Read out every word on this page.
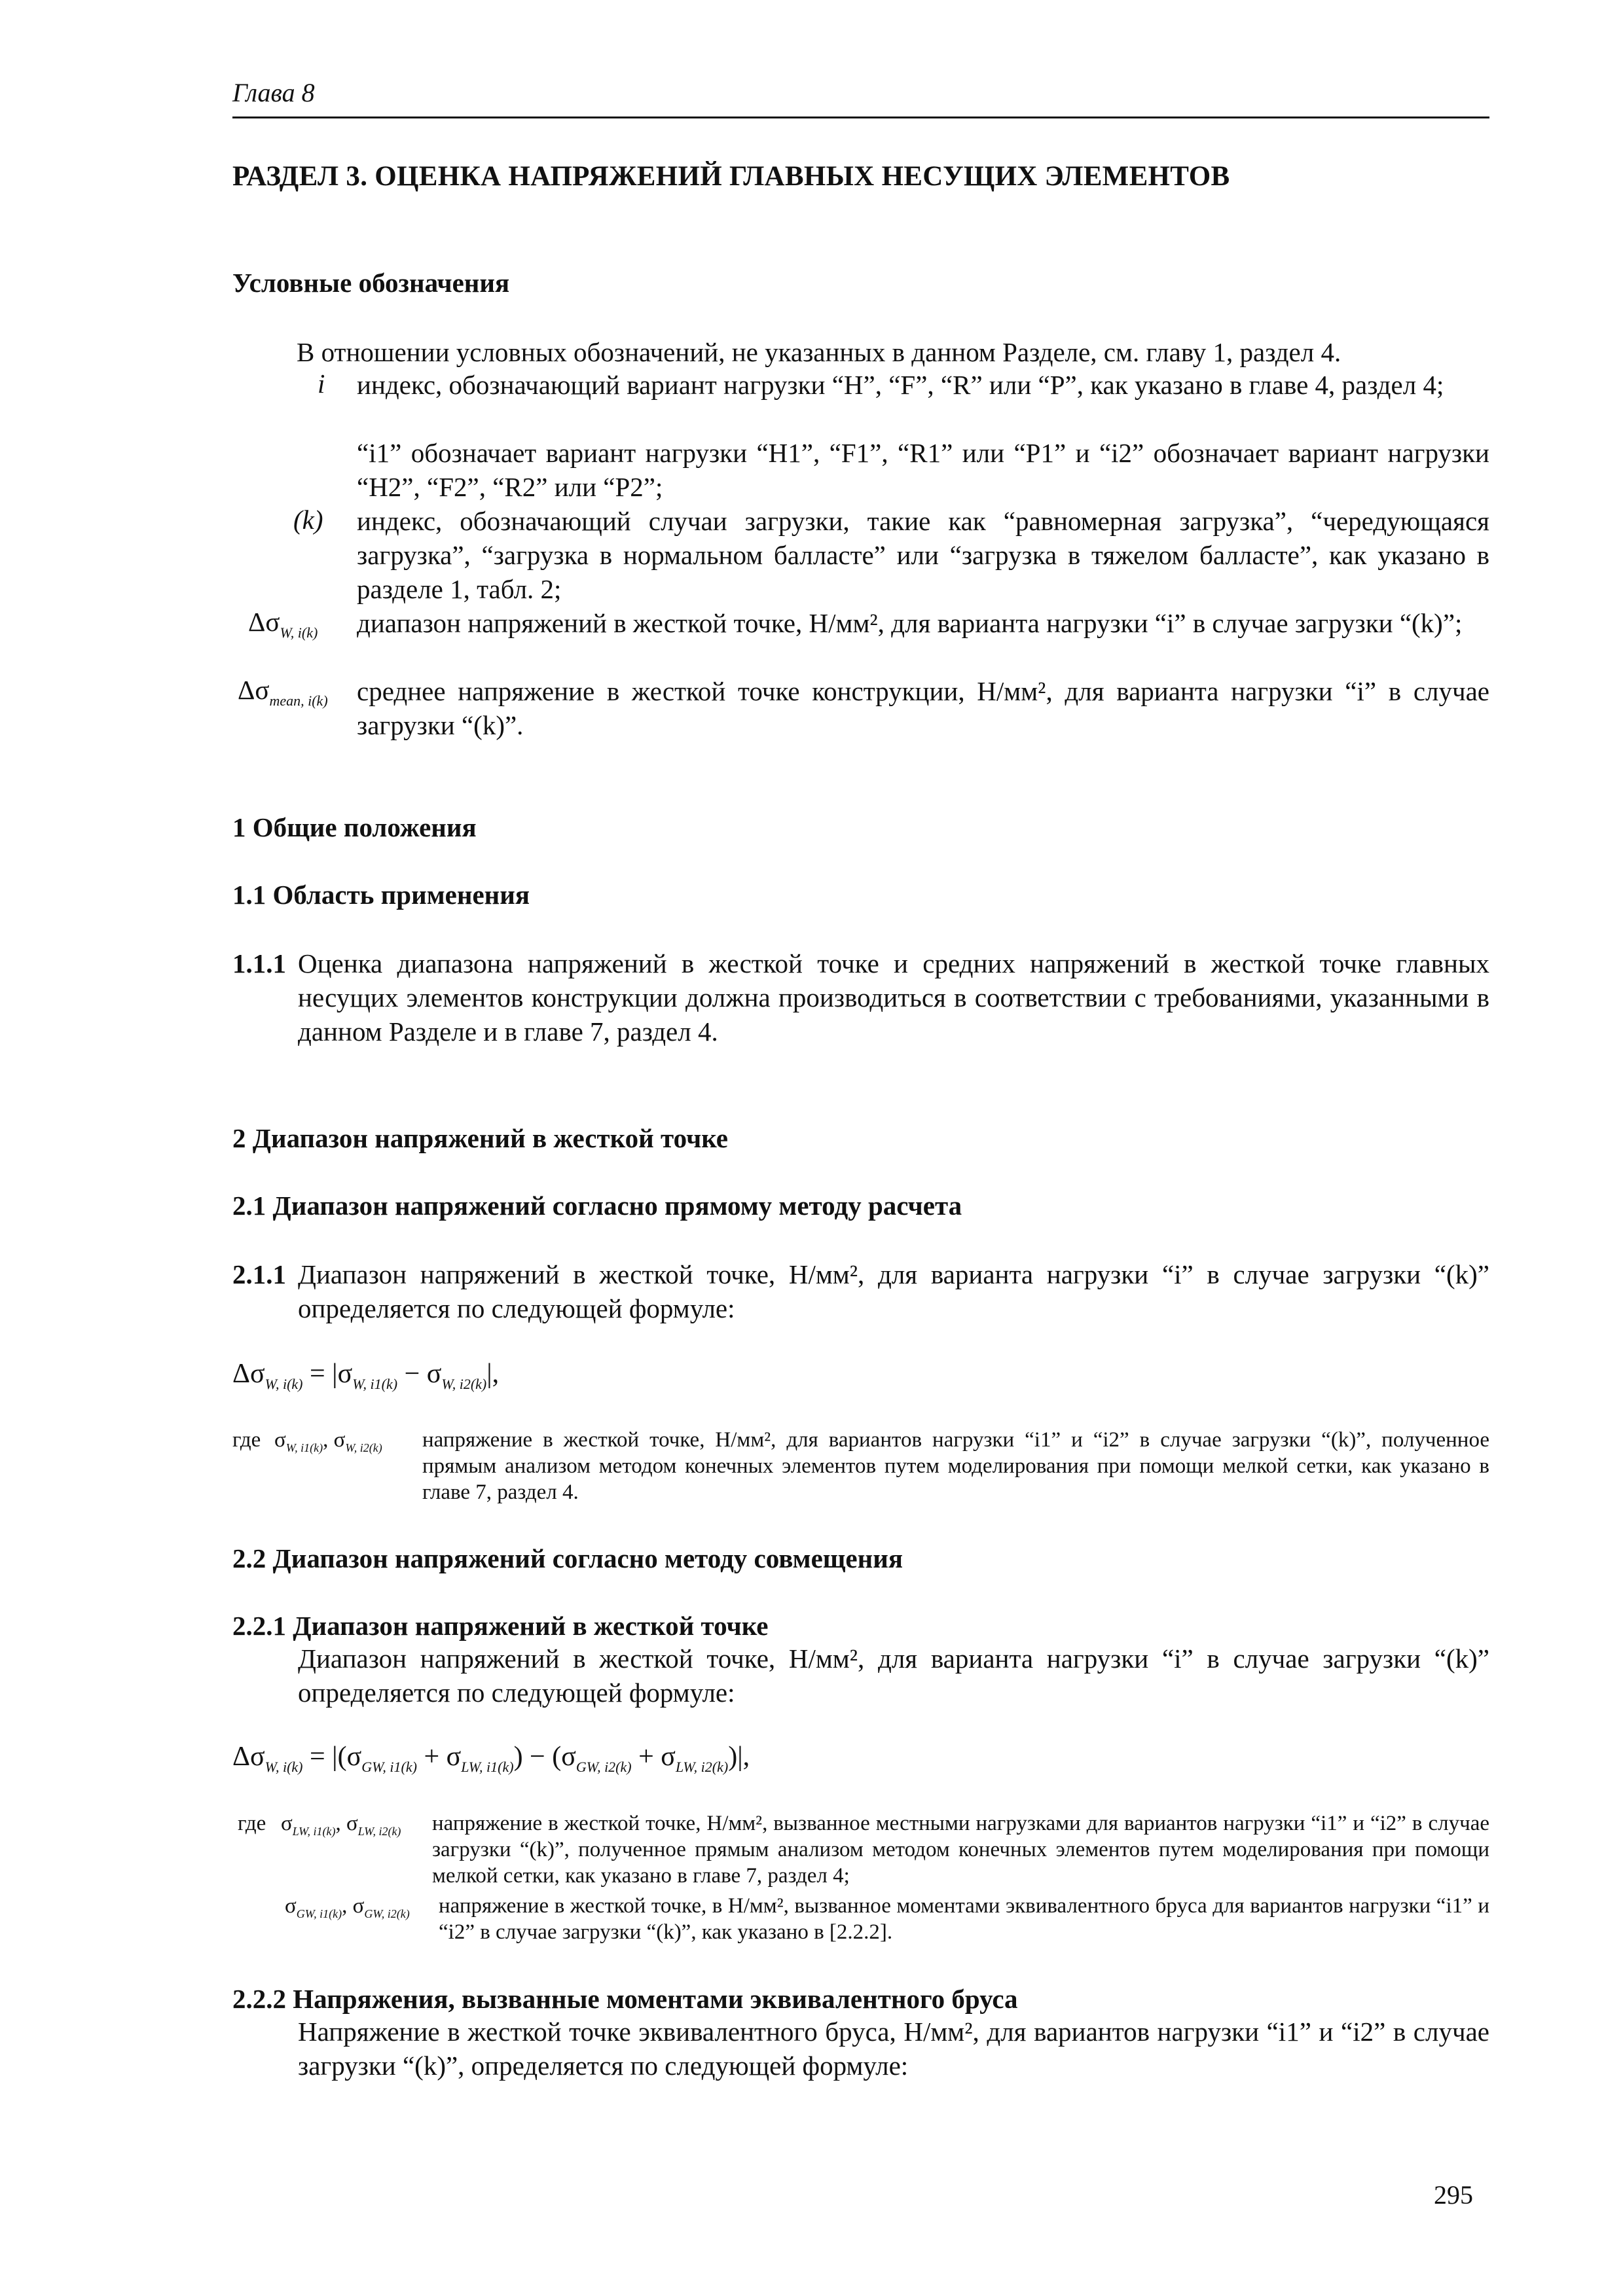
Глава 8
РАЗДЕЛ 3. ОЦЕНКА НАПРЯЖЕНИЙ ГЛАВНЫХ НЕСУЩИХ ЭЛЕМЕНТОВ
Условные обозначения
В отношении условных обозначений, не указанных в данном Разделе, см. главу 1, раздел 4.
i индекс, обозначающий вариант нагрузки “H”, “F”, “R” или “P”, как указано в главе 4, раздел 4;
“i1” обозначает вариант нагрузки “H1”, “F1”, “R1” или “P1” и “i2” обозначает вариант нагрузки “H2”, “F2”, “R2” или “P2”;
(k) индекс, обозначающий случаи загрузки, такие как “равномерная загрузка”, “чередующаяся загрузка”, “загрузка в нормальном балласте” или “загрузка в тяжелом балласте”, как указано в разделе 1, табл. 2;
$\Delta\sigma_{W, i(k)}$ диапазон напряжений в жесткой точке, Н/мм², для варианта нагрузки “i” в случае загрузки “(k)”;
$\Delta\sigma_{mean, i(k)}$ среднее напряжение в жесткой точке конструкции, Н/мм², для варианта нагрузки “i” в случае загрузки “(k)”.
1 Общие положения
1.1 Область применения
1.1.1 Оценка диапазона напряжений в жесткой точке и средних напряжений в жесткой точке главных несущих элементов конструкции должна производиться в соответствии с требованиями, указанными в данном Разделе и в главе 7, раздел 4.
2 Диапазон напряжений в жесткой точке
2.1 Диапазон напряжений согласно прямому методу расчета
2.1.1 Диапазон напряжений в жесткой точке, Н/мм², для варианта нагрузки “i” в случае загрузки “(k)” определяется по следующей формуле:
$\Delta\sigma_{W, i(k)} = |\sigma_{W, i1(k)} - \sigma_{W, i2(k)}|$,
где $\sigma_{W, i1(k)}$, $\sigma_{W, i2(k)}$ напряжение в жесткой точке, Н/мм², для вариантов нагрузки “i1” и “i2” в случае загрузки “(k)”, полученное прямым анализом методом конечных элементов путем моделирования при помощи мелкой сетки, как указано в главе 7, раздел 4.
2.2 Диапазон напряжений согласно методу совмещения
2.2.1 Диапазон напряжений в жесткой точке
Диапазон напряжений в жесткой точке, Н/мм², для варианта нагрузки “i” в случае загрузки “(k)” определяется по следующей формуле:
$\Delta\sigma_{W, i(k)} = |(\sigma_{GW, i1(k)} + \sigma_{LW, i1(k)}) - (\sigma_{GW, i2(k)} + \sigma_{LW, i2(k)})|$,
где $\sigma_{LW, i1(k)}$, $\sigma_{LW, i2(k)}$ напряжение в жесткой точке, Н/мм², вызванное местными нагрузками для вариантов нагрузки “i1” и “i2” в случае загрузки “(k)”, полученное прямым анализом методом конечных элементов путем моделирования при помощи мелкой сетки, как указано в главе 7, раздел 4;
$\sigma_{GW, i1(k)}$, $\sigma_{GW, i2(k)}$ напряжение в жесткой точке, в Н/мм², вызванное моментами эквивалентного бруса для вариантов нагрузки “i1” и “i2” в случае загрузки “(k)”, как указано в [2.2.2].
2.2.2 Напряжения, вызванные моментами эквивалентного бруса
Напряжение в жесткой точке эквивалентного бруса, Н/мм², для вариантов нагрузки “i1” и “i2” в случае загрузки “(k)”, определяется по следующей формуле:
295
